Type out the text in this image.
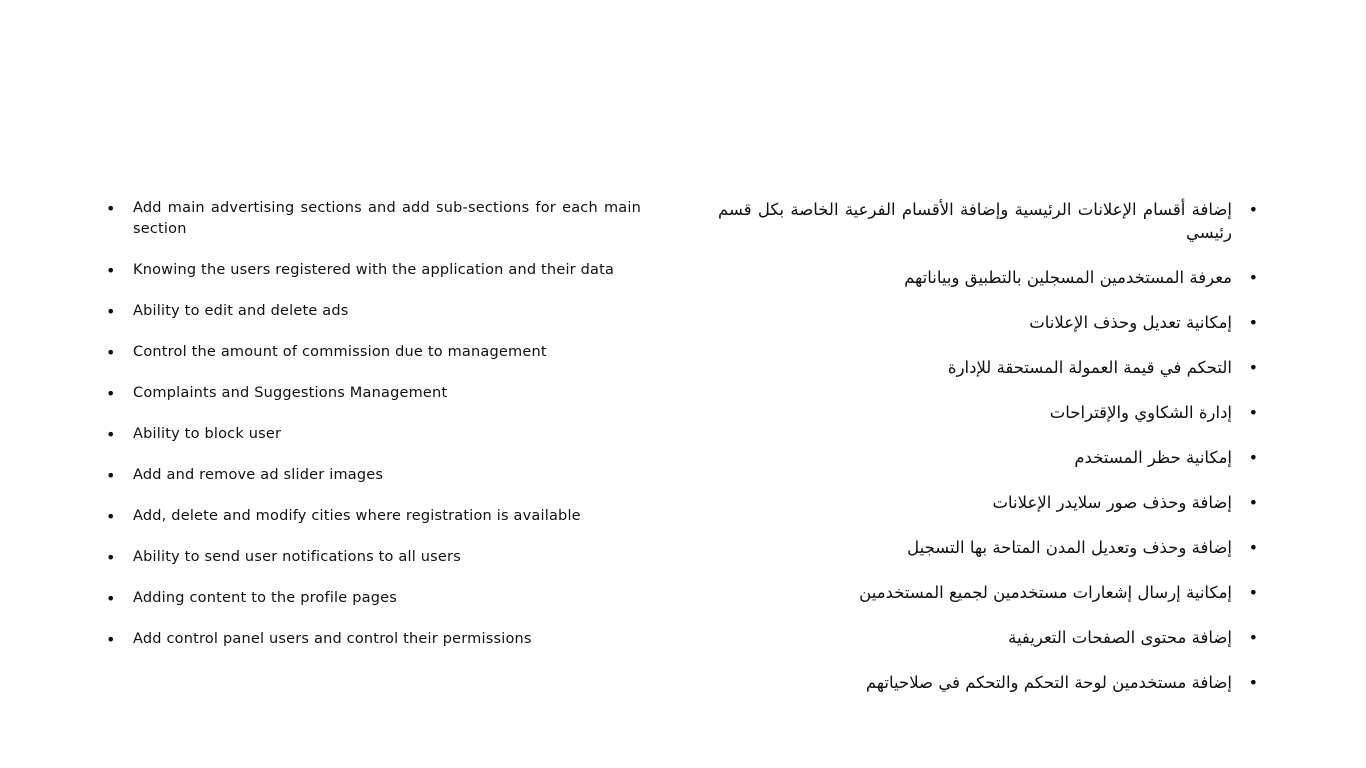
• Add main advertising sections and add sub-sections for each main section
• Knowing the users registered with the application and their data
• Ability to edit and delete ads
• Control the amount of commission due to management
• Complaints and Suggestions Management
• Ability to block user
• Add and remove ad slider images
• Add, delete and modify cities where registration is available
• Ability to send user notifications to all users
• Adding content to the profile pages
• Add control panel users and control their permissions
•
إضافة أقسام الإعلانات الرئيسية وإضافة الأقسام الفرعية الخاصة بكل قسم رئيسي
•
معرفة المستخدمين المسجلين بالتطبيق وبياناتهم
•
إمكانية تعديل وحذف الإعلانات
•
التحكم في قيمة العمولة المستحقة للإدارة
•
إدارة الشكاوي والإقتراحات
•
إمكانية حظر المستخدم
•
إضافة وحذف صور سلايدر الإعلانات
•
إضافة وحذف وتعديل المدن المتاحة بها التسجيل
•
إمكانية إرسال إشعارات مستخدمين لجميع المستخدمين
•
إضافة محتوى الصفحات التعريفية
•
إضافة مستخدمين لوحة التحكم والتحكم في صلاحياتهم
